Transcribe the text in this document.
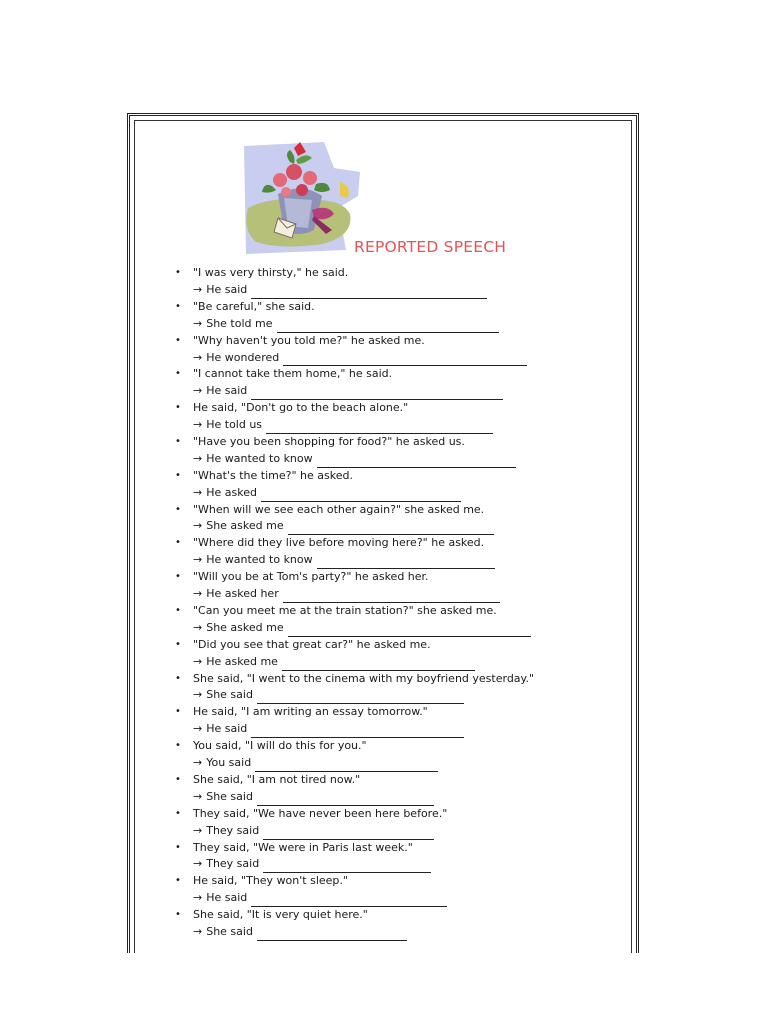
REPORTED SPEECH
• "I was very thirsty," he said.
→ He said
• "Be careful," she said.
→ She told me
• "Why haven't you told me?" he asked me.
→ He wondered
• "I cannot take them home," he said.
→ He said
• He said, "Don't go to the beach alone."
→ He told us
• "Have you been shopping for food?" he asked us.
→ He wanted to know
• "What's the time?" he asked.
→ He asked
• "When will we see each other again?" she asked me.
→ She asked me
• "Where did they live before moving here?" he asked.
→ He wanted to know
• "Will you be at Tom's party?" he asked her.
→ He asked her
• "Can you meet me at the train station?" she asked me.
→ She asked me
• "Did you see that great car?" he asked me.
→ He asked me
• She said, "I went to the cinema with my boyfriend yesterday."
→ She said
• He said, "I am writing an essay tomorrow."
→ He said
• You said, "I will do this for you."
→ You said
• She said, "I am not tired now."
→ She said
• They said, "We have never been here before."
→ They said
• They said, "We were in Paris last week."
→ They said
• He said, "They won't sleep."
→ He said
• She said, "It is very quiet here."
→ She said
